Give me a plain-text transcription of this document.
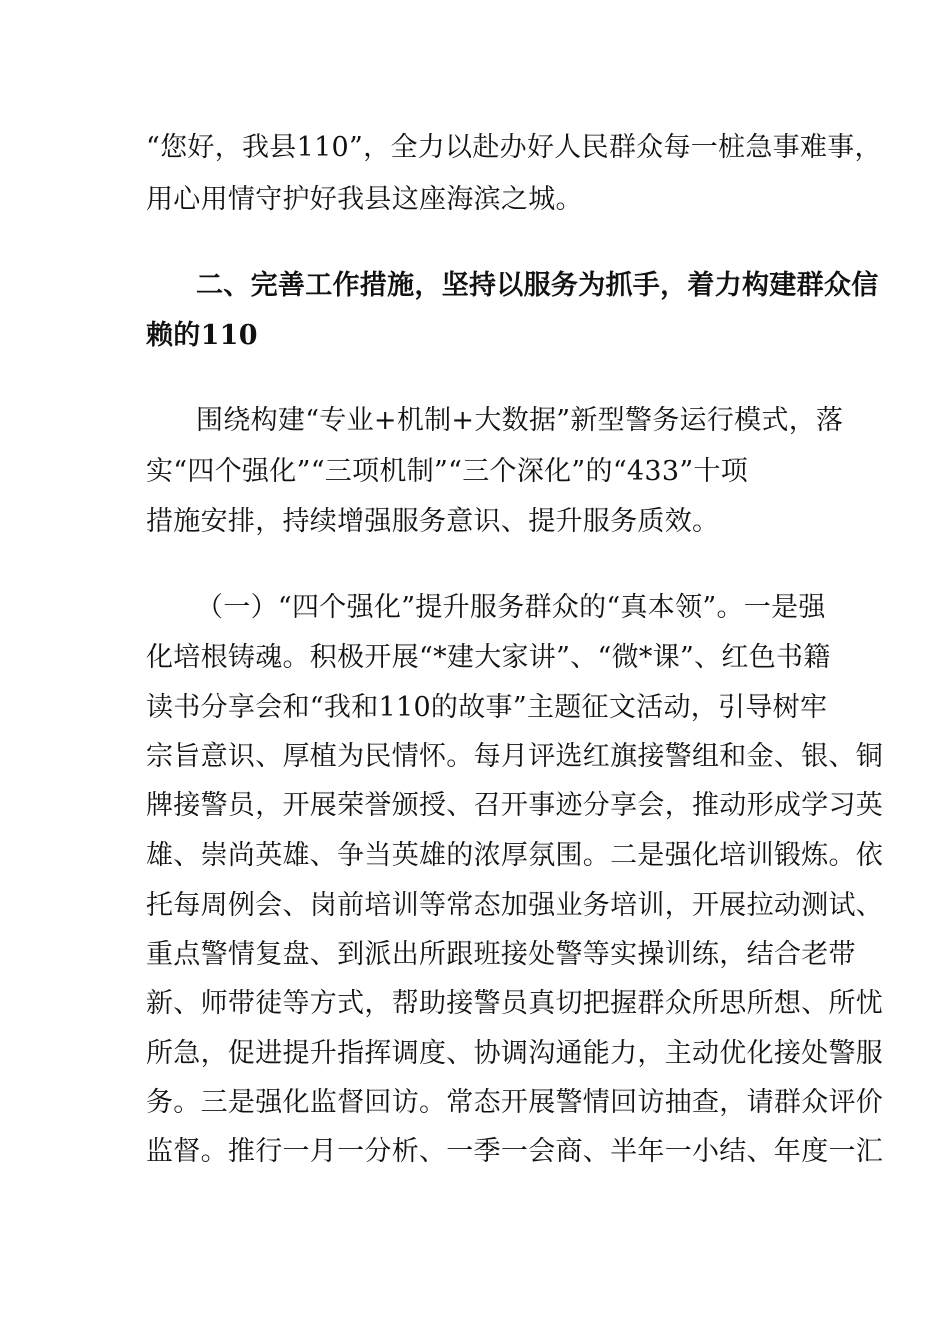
“您好，我县110”，全力以赴办好人民群众每一桩急事难事，
用心用情守护好我县这座海滨之城。
二、完善工作措施，坚持以服务为抓手，着力构建群众信
赖的110
围绕构建“专业+机制+大数据”新型警务运行模式，落
实“四个强化”“三项机制”“三个深化”的“433”十项
措施安排，持续增强服务意识、提升服务质效。
（一）“四个强化”提升服务群众的“真本领”。一是强
化培根铸魂。积极开展“*建大家讲”、“微*课”、红色书籍
读书分享会和“我和110的故事”主题征文活动，引导树牢
宗旨意识、厚植为民情怀。每月评选红旗接警组和金、银、铜
牌接警员，开展荣誉颁授、召开事迹分享会，推动形成学习英
雄、崇尚英雄、争当英雄的浓厚氛围。二是强化培训锻炼。依
托每周例会、岗前培训等常态加强业务培训，开展拉动测试、
重点警情复盘、到派出所跟班接处警等实操训练，结合老带
新、师带徒等方式，帮助接警员真切把握群众所思所想、所忧
所急，促进提升指挥调度、协调沟通能力，主动优化接处警服
务。三是强化监督回访。常态开展警情回访抽查，请群众评价
监督。推行一月一分析、一季一会商、半年一小结、年度一汇
